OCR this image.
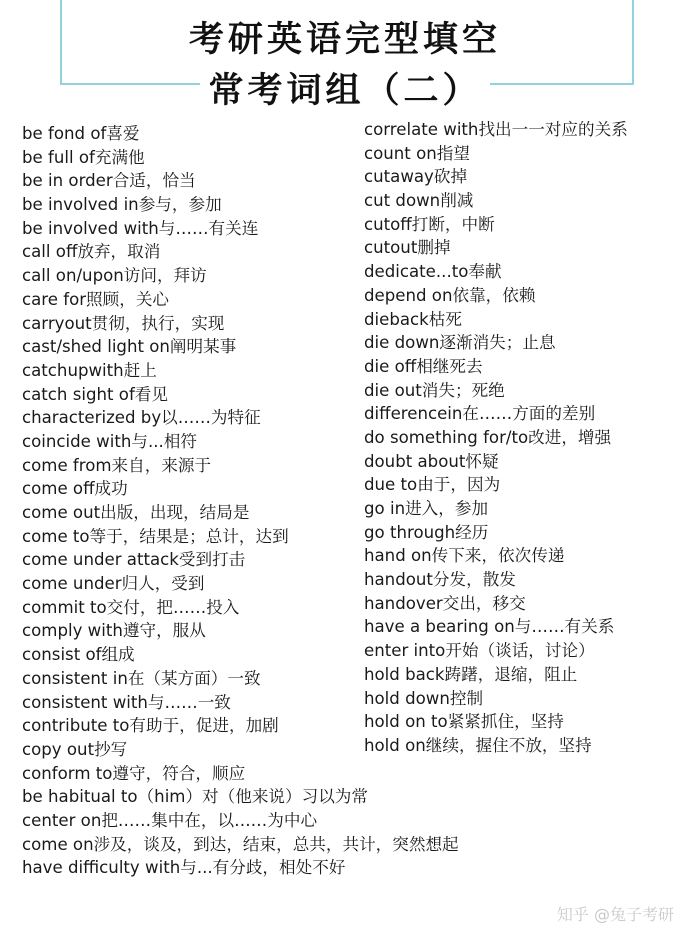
考研英语完型填空
常考词组（二）
be fond of喜爱
be full of充满他
be in order合适，恰当
be involved in参与，参加
be involved with与……有关连
call off放弃，取消
call on/upon访问，拜访
care for照顾，关心
carryout贯彻，执行，实现
cast/shed light on阐明某事
catchupwith赶上
catch sight of看见
characterized by以……为特征
coincide with与...相符
come from来自，来源于
come off成功
come out出版，出现，结局是
come to等于，结果是；总计，达到
come under attack受到打击
come under归人，受到
commit to交付，把……投入
comply with遵守，服从
consist of组成
consistent in在（某方面）一致
consistent with与……一致
contribute to有助于，促进，加剧
copy out抄写
conform to遵守，符合，顺应
be habitual to（him）对（他来说）习以为常
center on把……集中在，以……为中心
come on涉及，谈及，到达，结束，总共，共计，突然想起
have difficulty with与...有分歧，相处不好
correlate with找出一一对应的关系
count on指望
cutaway砍掉
cut down削减
cutoff打断，中断
cutout删掉
dedicate...to奉献
depend on依靠，依赖
dieback枯死
die down逐渐消失；止息
die off相继死去
die out消失；死绝
differencein在……方面的差别
do something for/to改进，增强
doubt about怀疑
due to由于，因为
go in进入，参加
go through经历
hand on传下来，依次传递
handout分发，散发
handover交出，移交
have a bearing on与……有关系
enter into开始（谈话，讨论）
hold back踌躇，退缩，阻止
hold down控制
hold on to紧紧抓住，坚持
hold on继续，握住不放，坚持
知乎 @兔子考研
